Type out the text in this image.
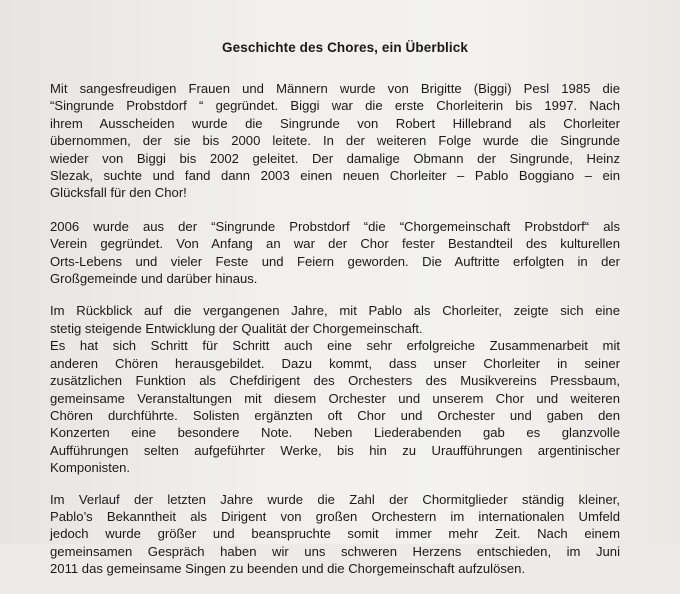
Geschichte des Chores, ein Überblick
Mit sangesfreudigen Frauen und Männern wurde von Brigitte (Biggi) Pesl 1985 die
“Singrunde Probstdorf “ gegründet. Biggi war die erste Chorleiterin bis 1997. Nach
ihrem Ausscheiden wurde die Singrunde von Robert Hillebrand als Chorleiter
übernommen, der sie bis 2000 leitete. In der weiteren Folge wurde die Singrunde
wieder von Biggi bis 2002 geleitet. Der damalige Obmann der Singrunde, Heinz
Slezak, suchte und fand dann 2003 einen neuen Chorleiter – Pablo Boggiano – ein
Glücksfall für den Chor!
2006 wurde aus der “Singrunde Probstdorf “die “Chorgemeinschaft Probstdorf“ als
Verein gegründet. Von Anfang an war der Chor fester Bestandteil des kulturellen
Orts-Lebens und vieler Feste und Feiern geworden. Die Auftritte erfolgten in der
Großgemeinde und darüber hinaus.
Im Rückblick auf die vergangenen Jahre, mit Pablo als Chorleiter, zeigte sich eine
stetig steigende Entwicklung der Qualität der Chorgemeinschaft.
Es hat sich Schritt für Schritt auch eine sehr erfolgreiche Zusammenarbeit mit
anderen Chören herausgebildet. Dazu kommt, dass unser Chorleiter in seiner
zusätzlichen Funktion als Chefdirigent des Orchesters des Musikvereins Pressbaum,
gemeinsame Veranstaltungen mit diesem Orchester und unserem Chor und weiteren
Chören durchführte. Solisten ergänzten oft Chor und Orchester und gaben den
Konzerten eine besondere Note. Neben Liederabenden gab es glanzvolle
Aufführungen selten aufgeführter Werke, bis hin zu Uraufführungen argentinischer
Komponisten.
Im Verlauf der letzten Jahre wurde die Zahl der Chormitglieder ständig kleiner,
Pablo’s Bekanntheit als Dirigent von großen Orchestern im internationalen Umfeld
jedoch wurde größer und beanspruchte somit immer mehr Zeit. Nach einem
gemeinsamen Gespräch haben wir uns schweren Herzens entschieden, im Juni
2011 das gemeinsame Singen zu beenden und die Chorgemeinschaft aufzulösen.
